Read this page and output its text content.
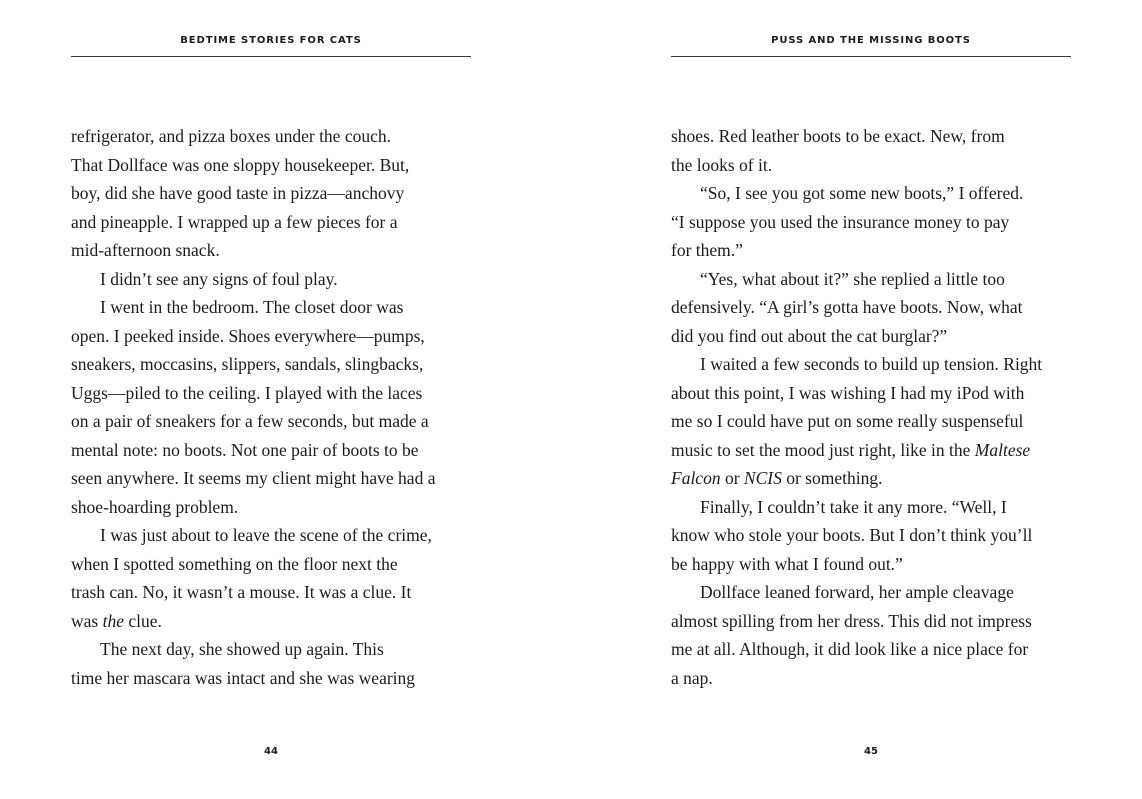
BEDTIME STORIES FOR CATS
refrigerator, and pizza boxes under the couch.
That Dollface was one sloppy housekeeper. But,
boy, did she have good taste in pizza—anchovy
and pineapple. I wrapped up a few pieces for a
mid-afternoon snack.
I didn’t see any signs of foul play.
I went in the bedroom. The closet door was
open. I peeked inside. Shoes everywhere—pumps,
sneakers, moccasins, slippers, sandals, slingbacks,
Uggs—piled to the ceiling. I played with the laces
on a pair of sneakers for a few seconds, but made a
mental note: no boots. Not one pair of boots to be
seen anywhere. It seems my client might have had a
shoe-hoarding problem.
I was just about to leave the scene of the crime,
when I spotted something on the floor next the
trash can. No, it wasn’t a mouse. It was a clue. It
was the clue.
The next day, she showed up again. This
time her mascara was intact and she was wearing
44
PUSS AND THE MISSING BOOTS
shoes. Red leather boots to be exact. New, from
the looks of it.
“So, I see you got some new boots,” I offered.
“I suppose you used the insurance money to pay
for them.”
“Yes, what about it?” she replied a little too
defensively. “A girl’s gotta have boots. Now, what
did you find out about the cat burglar?”
I waited a few seconds to build up tension. Right
about this point, I was wishing I had my iPod with
me so I could have put on some really suspenseful
music to set the mood just right, like in the Maltese
Falcon or NCIS or something.
Finally, I couldn’t take it any more. “Well, I
know who stole your boots. But I don’t think you’ll
be happy with what I found out.”
Dollface leaned forward, her ample cleavage
almost spilling from her dress. This did not impress
me at all. Although, it did look like a nice place for
a nap.
45
